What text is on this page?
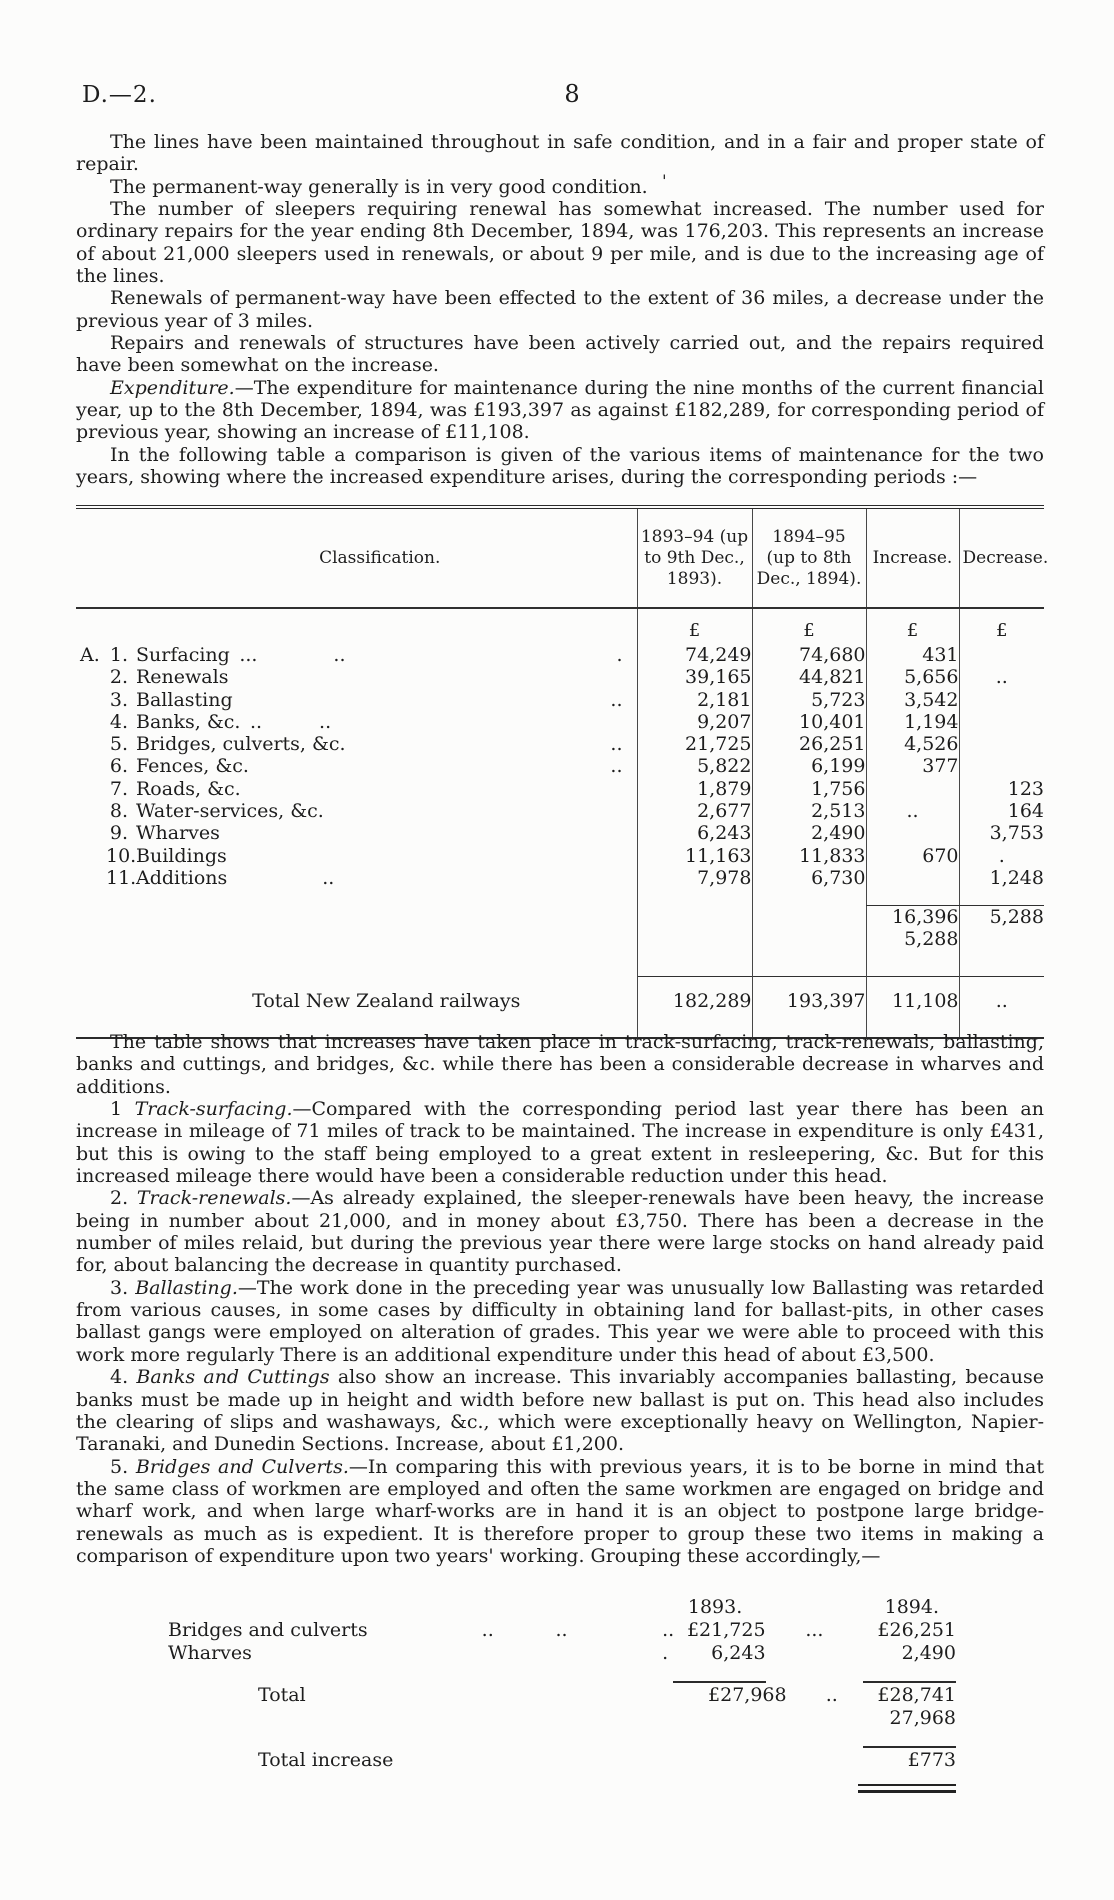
D.—2.	8
'

The lines have been maintained throughout in safe condition, and in a fair and proper state of repair.

The permanent-way generally is in very good condition.

The number of sleepers requiring renewal has somewhat increased. The number used for ordinary repairs for the year ending 8th December, 1894, was 176,203. This represents an increase of about 21,000 sleepers used in renewals, or about 9 per mile, and is due to the increasing age of the lines.

Renewals of permanent-way have been effected to the extent of 36 miles, a decrease under the previous year of 3 miles.

Repairs and renewals of structures have been actively carried out, and the repairs required have been somewhat on the increase.

Expenditure.—The expenditure for maintenance during the nine months of the current financial year, up to the 8th December, 1894, was £193,397 as against £182,289, for corresponding period of previous year, showing an increase of £11,108.

In the following table a comparison is given of the various items of maintenance for the two years, showing where the increased expenditure arises, during the corresponding periods :—

Classification.	1893–94 (up to 9th Dec., 1893).	1894–95 (up to 8th Dec., 1894).	Increase.	Decrease.
	£	£	£	£
A. 1. Surfacing ...    .. .	74,249	74,680	431	
2. Renewals	39,165	44,821	5,656	..
3. Ballasting ..	2,181	5,723	3,542	
4. Banks, &c. ..   ..	9,207	10,401	1,194	
5. Bridges, culverts, &c. ..	21,725	26,251	4,526	
6. Fences, &c. ..	5,822	6,199	377	
7. Roads, &c.	1,879	1,756		123
8. Water-services, &c.	2,677	2,513	..	164
9. Wharves	6,243	2,490		3,753
10.Buildings	11,163	11,833	670	.
11.Additions     ..	7,978	6,730		1,248

			16,396	5,288
			5,288	
Total New Zealand railways	182,289	193,397	11,108	..

The table shows that increases have taken place in track-surfacing, track-renewals, ballasting, banks and cuttings, and bridges, &c. while there has been a considerable decrease in wharves and additions.

1 Track-surfacing.—Compared with the corresponding period last year there has been an increase in mileage of 71 miles of track to be maintained. The increase in expenditure is only £431, but this is owing to the staff being employed to a great extent in resleepering, &c. But for this increased mileage there would have been a considerable reduction under this head.

2. Track-renewals.—As already explained, the sleeper-renewals have been heavy, the increase being in number about 21,000, and in money about £3,750. There has been a decrease in the number of miles relaid, but during the previous year there were large stocks on hand already paid for, about balancing the decrease in quantity purchased.

3. Ballasting.—The work done in the preceding year was unusually low Ballasting was retarded from various causes, in some cases by difficulty in obtaining land for ballast-pits, in other cases ballast gangs were employed on alteration of grades. This year we were able to proceed with this work more regularly There is an additional expenditure under this head of about £3,500.

4. Banks and Cuttings also show an increase. This invariably accompanies ballasting, because banks must be made up in height and width before new ballast is put on. This head also includes the clearing of slips and washaways, &c., which were exceptionally heavy on Wellington, Napier-Taranaki, and Dunedin Sections. Increase, about £1,200.

5. Bridges and Culverts.—In comparing this with previous years, it is to be borne in mind that the same class of workmen are employed and often the same workmen are engaged on bridge and wharf work, and when large wharf-works are in hand it is an object to postpone large bridge-renewals as much as is expedient. It is therefore proper to group these two items in making a comparison of expenditure upon two years' working. Grouping these accordingly,—

1893.	1894.
Bridges and culverts      ..    ..	.. £21,725	...	£26,251
Wharves	. 6,243	2,490
Total	£27,968	..	£28,741
27,968
Total increase	£773
